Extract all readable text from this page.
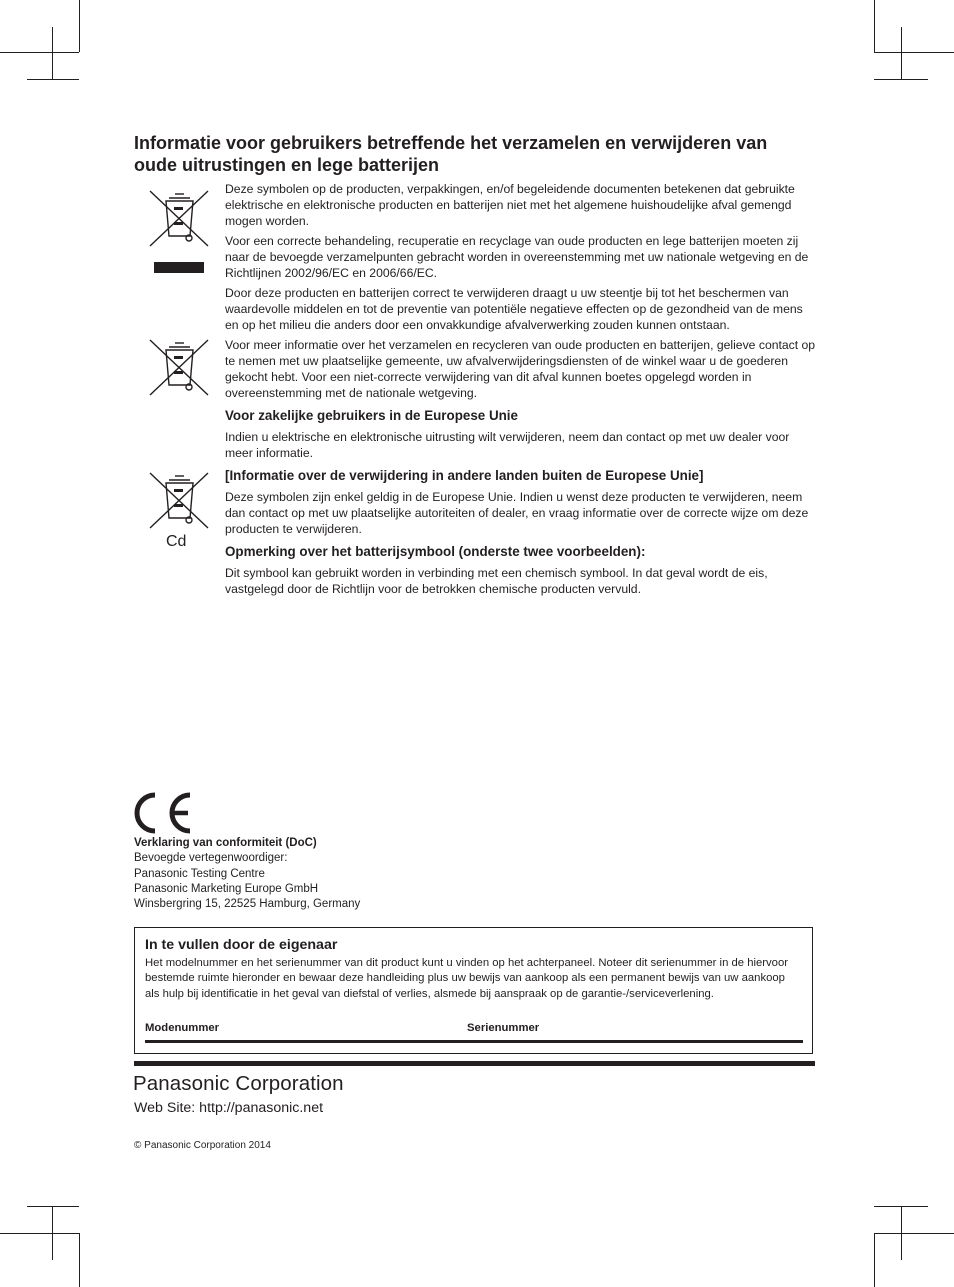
Informatie voor gebruikers betreffende het verzamelen en verwijderen van
oude uitrustingen en lege batterijen
Cd

Deze symbolen op de producten, verpakkingen, en/of begeleidende documenten betekenen dat gebruikte elektrische en elektronische producten en batterijen niet met het algemene huishoudelijke afval gemengd mogen worden.

Voor een correcte behandeling, recuperatie en recyclage van oude producten en lege batterijen moeten zij naar de bevoegde verzamelpunten gebracht worden in overeenstemming met uw nationale wetgeving en de Richtlijnen 2002/96/EC en 2006/66/EC.

Door deze producten en batterijen correct te verwijderen draagt u uw steentje bij tot het beschermen van waardevolle middelen en tot de preventie van potentiële negatieve effecten op de gezondheid van de mens en op het milieu die anders door een onvakkundige afvalverwerking zouden kunnen ontstaan.

Voor meer informatie over het verzamelen en recycleren van oude producten en batterijen, gelieve contact op te nemen met uw plaatselijke gemeente, uw afvalverwijderingsdiensten of de winkel waar u de goederen gekocht hebt. Voor een niet-correcte verwijdering van dit afval kunnen boetes opgelegd worden in overeenstemming met de nationale wetgeving.

Voor zakelijke gebruikers in de Europese Unie

Indien u elektrische en elektronische uitrusting wilt verwijderen, neem dan contact op met uw dealer voor meer informatie.

[Informatie over de verwijdering in andere landen buiten de Europese Unie]

Deze symbolen zijn enkel geldig in de Europese Unie. Indien u wenst deze producten te verwijderen, neem dan contact op met uw plaatselijke autoriteiten of dealer, en vraag informatie over de correcte wijze om deze producten te verwijderen.

Opmerking over het batterijsymbool (onderste twee voorbeelden):

Dit symbool kan gebruikt worden in verbinding met een chemisch symbool. In dat geval wordt de eis, vastgelegd door de Richtlijn voor de betrokken chemische producten vervuld.

Verklaring van conformiteit (DoC)
Bevoegde vertegenwoordiger:
Panasonic Testing Centre
Panasonic Marketing Europe GmbH
Winsbergring 15, 22525 Hamburg, Germany
In te vullen door de eigenaar
Het modelnummer en het serienummer van dit product kunt u vinden op het achterpaneel. Noteer dit serienummer in de hiervoor bestemde ruimte hieronder en bewaar deze handleiding plus uw bewijs van aankoop als een permanent bewijs van uw aankoop als hulp bij identificatie in het geval van diefstal of verlies, alsmede bij aanspraak op de garantie-/serviceverlening.
Modenummer	Serienummer
Panasonic Corporation
Web Site: http://panasonic.net
© Panasonic Corporation 2014
